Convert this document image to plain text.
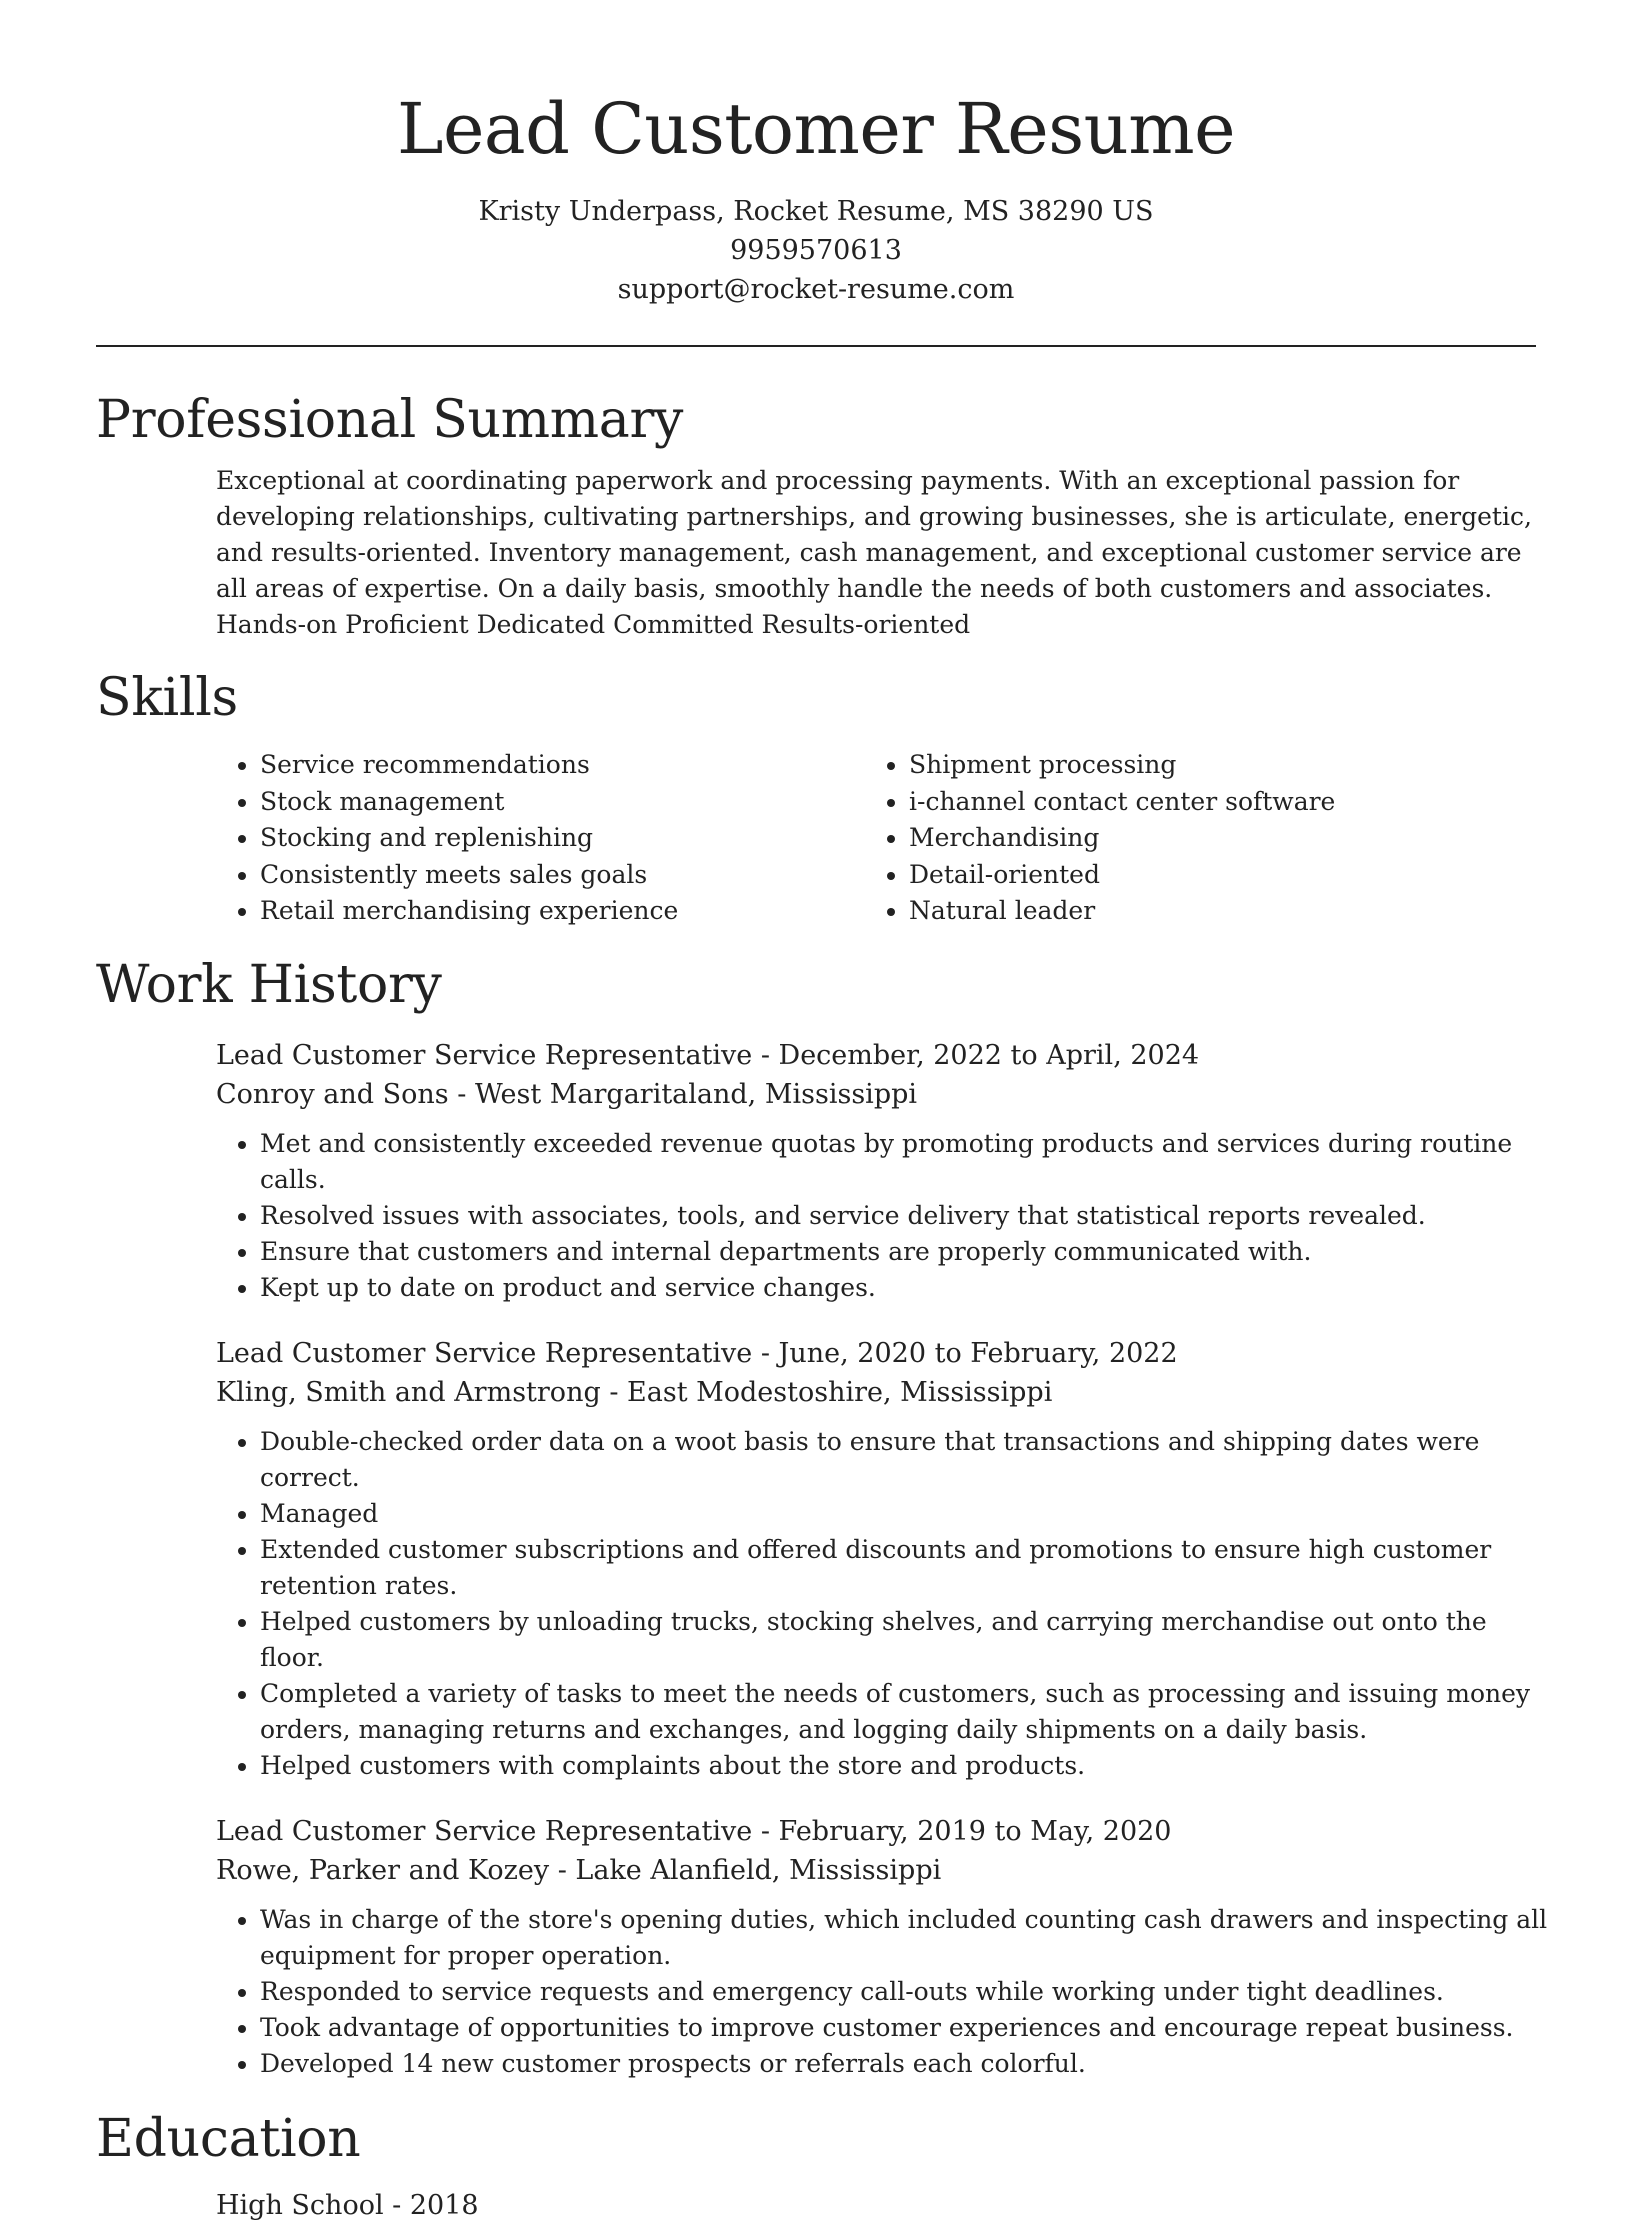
Lead Customer Resume
Kristy Underpass, Rocket Resume, MS 38290 US
9959570613
support@rocket-resume.com
Professional Summary

Exceptional at coordinating paperwork and processing payments. With an exceptional passion for developing relationships, cultivating partnerships, and growing businesses, she is articulate, energetic, and results-oriented. Inventory management, cash management, and exceptional customer service are all areas of expertise. On a daily basis, smoothly handle the needs of both customers and associates. Hands-on Proficient Dedicated Committed Results-oriented

Skills
• Service recommendations
• Stock management
• Stocking and replenishing
• Consistently meets sales goals
• Retail merchandising experience
• Shipment processing
• i-channel contact center software
• Merchandising
• Detail-oriented
• Natural leader
Work History
Lead Customer Service Representative - December, 2022 to April, 2024
Conroy and Sons - West Margaritaland, Mississippi
• Met and consistently exceeded revenue quotas by promoting products and services during routine calls.
• Resolved issues with associates, tools, and service delivery that statistical reports revealed.
• Ensure that customers and internal departments are properly communicated with.
• Kept up to date on product and service changes.
Lead Customer Service Representative - June, 2020 to February, 2022
Kling, Smith and Armstrong - East Modestoshire, Mississippi
• Double-checked order data on a woot basis to ensure that transactions and shipping dates were correct.
• Managed
• Extended customer subscriptions and offered discounts and promotions to ensure high customer retention rates.
• Helped customers by unloading trucks, stocking shelves, and carrying merchandise out onto the floor.
• Completed a variety of tasks to meet the needs of customers, such as processing and issuing money orders, managing returns and exchanges, and logging daily shipments on a daily basis.
• Helped customers with complaints about the store and products.
Lead Customer Service Representative - February, 2019 to May, 2020
Rowe, Parker and Kozey - Lake Alanfield, Mississippi
• Was in charge of the store's opening duties, which included counting cash drawers and inspecting all equipment for proper operation.
• Responded to service requests and emergency call-outs while working under tight deadlines.
• Took advantage of opportunities to improve customer experiences and encourage repeat business.
• Developed 14 new customer prospects or referrals each colorful.
Education
High School - 2018
